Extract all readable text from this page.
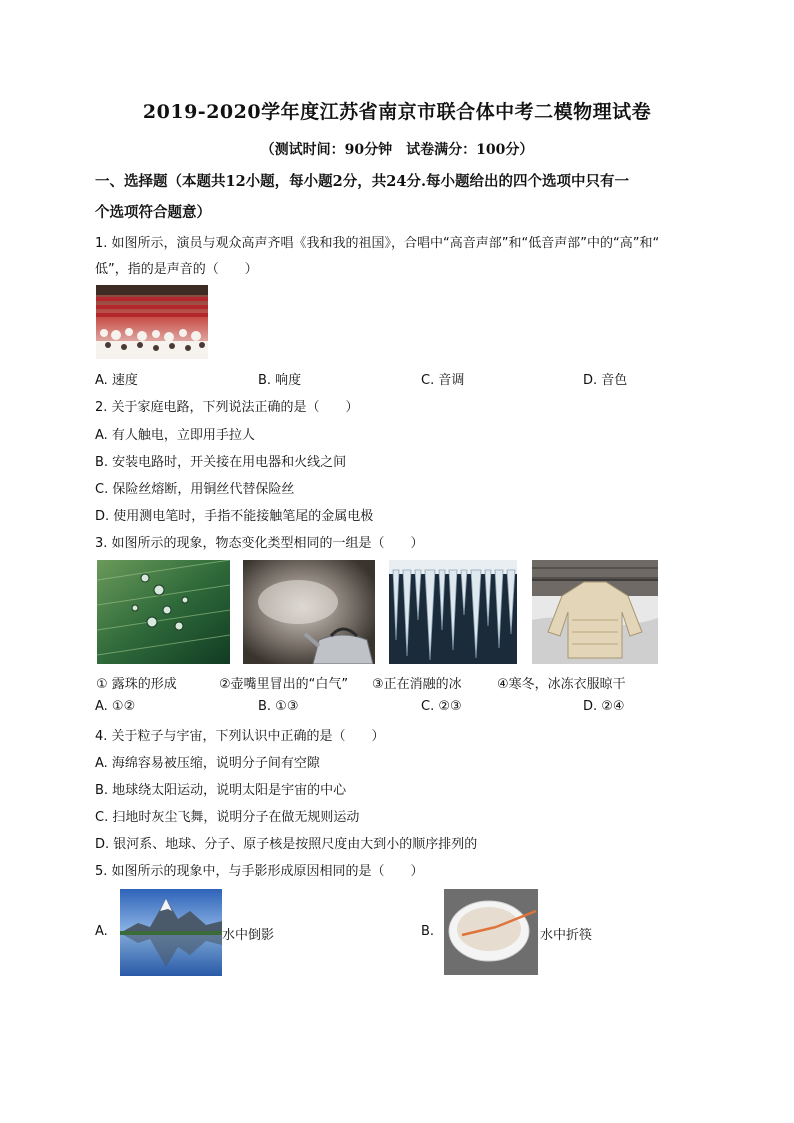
2019-2020学年度江苏省南京市联合体中考二模物理试卷
（测试时间：90分钟　试卷满分：100分）
一、选择题（本题共12小题，每小题2分，共24分.每小题给出的四个选项中只有一
个选项符合题意）
1. 如图所示，演员与观众高声齐唱《我和我的祖国》，合唱中“高音声部”和“低音声部”中的“高”和“
低”，指的是声音的（　　）
A. 速度	B. 响度	C. 音调	D. 音色
2. 关于家庭电路，下列说法正确的是（　　）
A. 有人触电，立即用手拉人
B. 安装电路时，开关接在用电器和火线之间
C. 保险丝熔断，用铜丝代替保险丝
D. 使用测电笔时，手指不能接触笔尾的金属电极
3. 如图所示的现象，物态变化类型相同的一组是（　　）
① 露珠的形成	②壶嘴里冒出的“白气” ③正在消融的冰	④寒冬，冰冻衣服晾干
A. ①②	B. ①③	C. ②③	D. ②④
4. 关于粒子与宇宙，下列认识中正确的是（　　）
A. 海绵容易被压缩，说明分子间有空隙
B. 地球绕太阳运动，说明太阳是宇宙的中心
C. 扫地时灰尘飞舞，说明分子在做无规则运动
D. 银河系、地球、分子、原子核是按照尺度由大到小的顺序排列的
5. 如图所示的现象中，与手影形成原因相同的是（　　）
A.	水中倒影	B.	水中折筷
